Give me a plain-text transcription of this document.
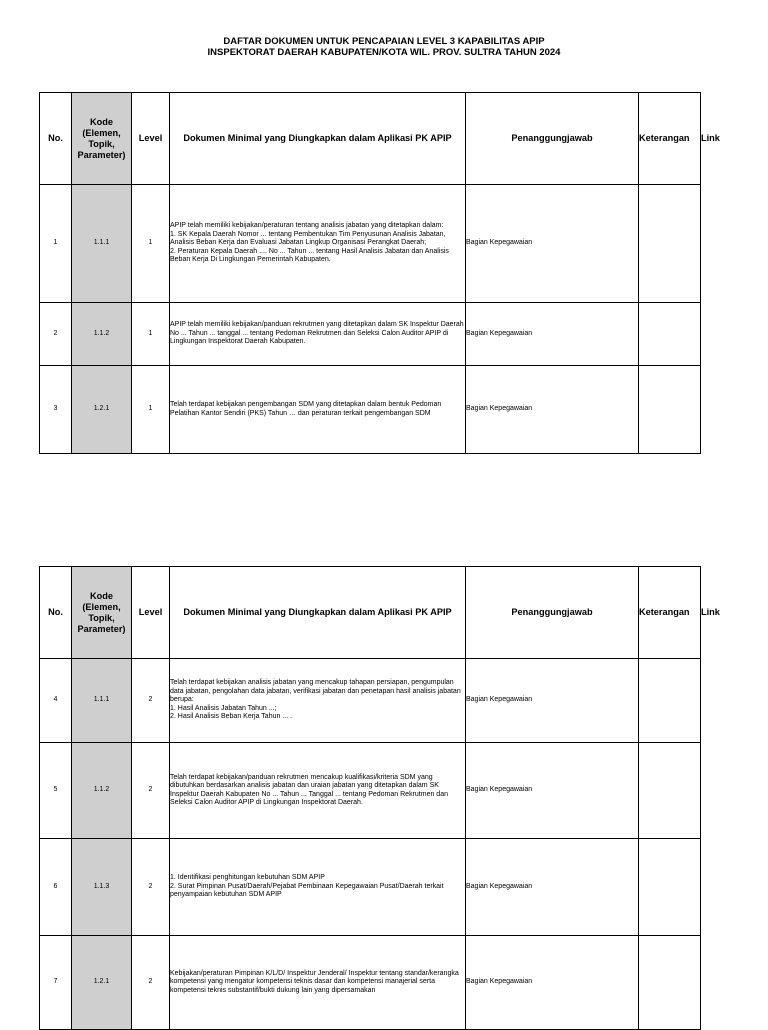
DAFTAR DOKUMEN UNTUK PENCAPAIAN LEVEL 3 KAPABILITAS APIP
INSPEKTORAT DAERAH KABUPATEN/KOTA WIL. PROV. SULTRA TAHUN 2024
No.	Kode (Elemen, Topik, Parameter)	Level	Dokumen Minimal yang Diungkapkan dalam Aplikasi PK APIP	Penanggungjawab	Keterangan	Link
1	1.1.1	1	APIP telah memiliki kebijakan/peraturan tentang analisis jabatan yang ditetapkan dalam:
1. SK Kepala Daerah Nomor ... tentang Pembentukan Tim Penyusunan Analisis Jabatan, Analisis Beban Kerja dan Evaluasi Jabatan Lingkup Organisasi Perangkat Daerah;
2. Peraturan Kepala Daerah .... No ... Tahun ... tentang Hasil Analisis Jabatan dan Analisis Beban Kerja Di Lingkungan Pemerintah Kabupaten.	Bagian Kepegawaian		
2	1.1.2	1	APIP telah memiliki kebijakan/panduan rekrutmen yang ditetapkan dalam SK Inspektur Daerah No ... Tahun ... tanggal ... tentang Pedoman Rekrutmen dan Seleksi Calon Auditor APIP di Lingkungan Inspektorat Daerah Kabupaten.	Bagian Kepegawaian		
3	1.2.1	1	Telah terdapat kebijakan pengembangan SDM yang ditetapkan dalam bentuk Pedoman Pelatihan Kantor Sendiri (PKS) Tahun … dan peraturan terkait pengembangan SDM	Bagian Kepegawaian		
No.	Kode (Elemen, Topik, Parameter)	Level	Dokumen Minimal yang Diungkapkan dalam Aplikasi PK APIP	Penanggungjawab	Keterangan	Link
4	1.1.1	2	Telah terdapat kebijakan analisis jabatan yang mencakup tahapan persiapan, pengumpulan data jabatan, pengolahan data jabatan, verifikasi jabatan dan penetapan hasil analisis jabatan berupa:
1. Hasil Analisis Jabatan Tahun ...;
2. Hasil Analisis Beban Kerja Tahun ... .	Bagian Kepegawaian		
5	1.1.2	2	Telah terdapat kebijakan/panduan rekrutmen mencakup kualifikasi/kriteria SDM yang dibutuhkan berdasarkan analisis jabatan dan uraian jabatan yang ditetapkan dalam SK Inspektur Daerah Kabupaten No ... Tahun ... Tanggal ... tentang Pedoman Rekrutmen dan Seleksi Calon Auditor APIP di Lingkungan Inspektorat Daerah.	Bagian Kepegawaian		
6	1.1.3	2	1. Identifikasi penghitungan kebutuhan SDM APIP
2. Surat Pimpinan Pusat/Daerah/Pejabat Pembinaan Kepegawaian Pusat/Daerah terkait penyampaian kebutuhan SDM APIP	Bagian Kepegawaian		
7	1.2.1	2	Kebijakan/peraturan Pimpinan K/L/D/ Inspektur Jenderal/ Inspektur tentang standar/kerangka kompetensi yang mengatur kompetensi teknis dasar dan kompetensi manajerial serta kompetensi teknis substantif/bukti dukung lain yang dipersamakan	Bagian Kepegawaian		
